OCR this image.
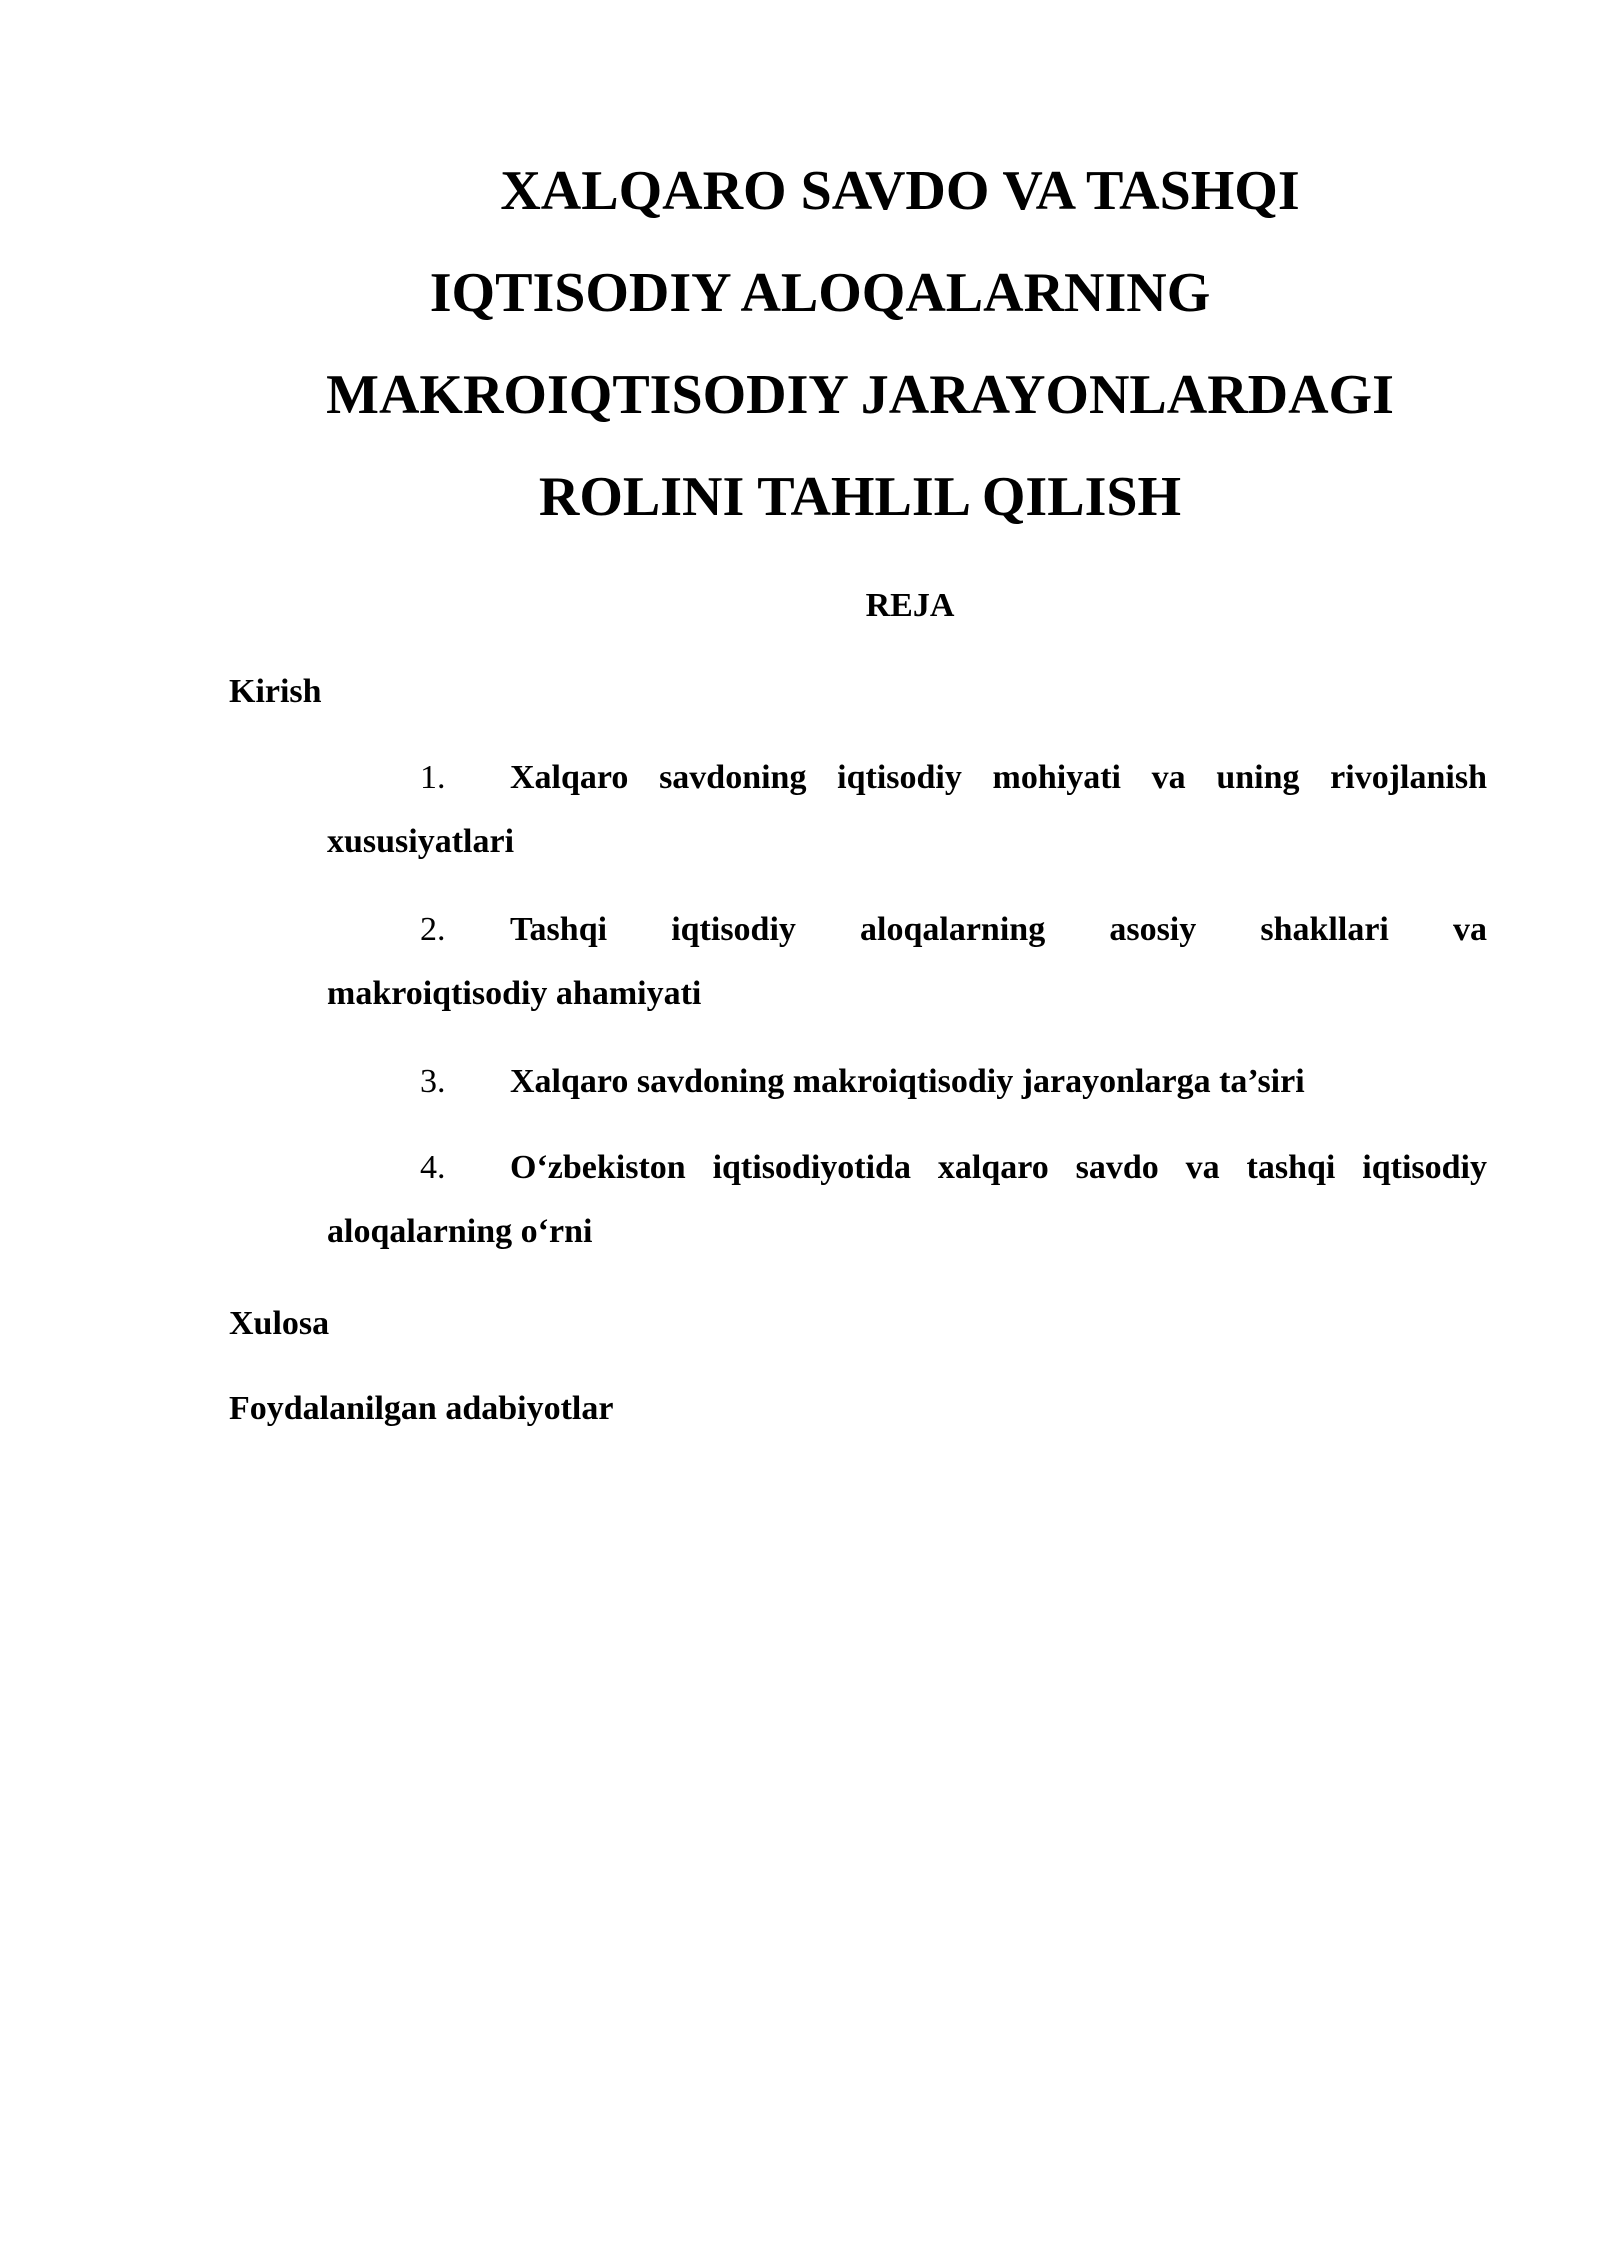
XALQARO SAVDO VA TASHQI
IQTISODIY ALOQALARNING
MAKROIQTISODIY JARAYONLARDAGI
ROLINI TAHLIL QILISH
REJA
Kirish
1.	Xalqaro savdoning iqtisodiy mohiyati va uning rivojlanish
xususiyatlari
2.	Tashqi iqtisodiy aloqalarning asosiy shakllari va
makroiqtisodiy ahamiyati
3.	Xalqaro savdoning makroiqtisodiy jarayonlarga ta’siri
4.	O‘zbekiston iqtisodiyotida xalqaro savdo va tashqi iqtisodiy
aloqalarning o‘rni
Xulosa
Foydalanilgan adabiyotlar
